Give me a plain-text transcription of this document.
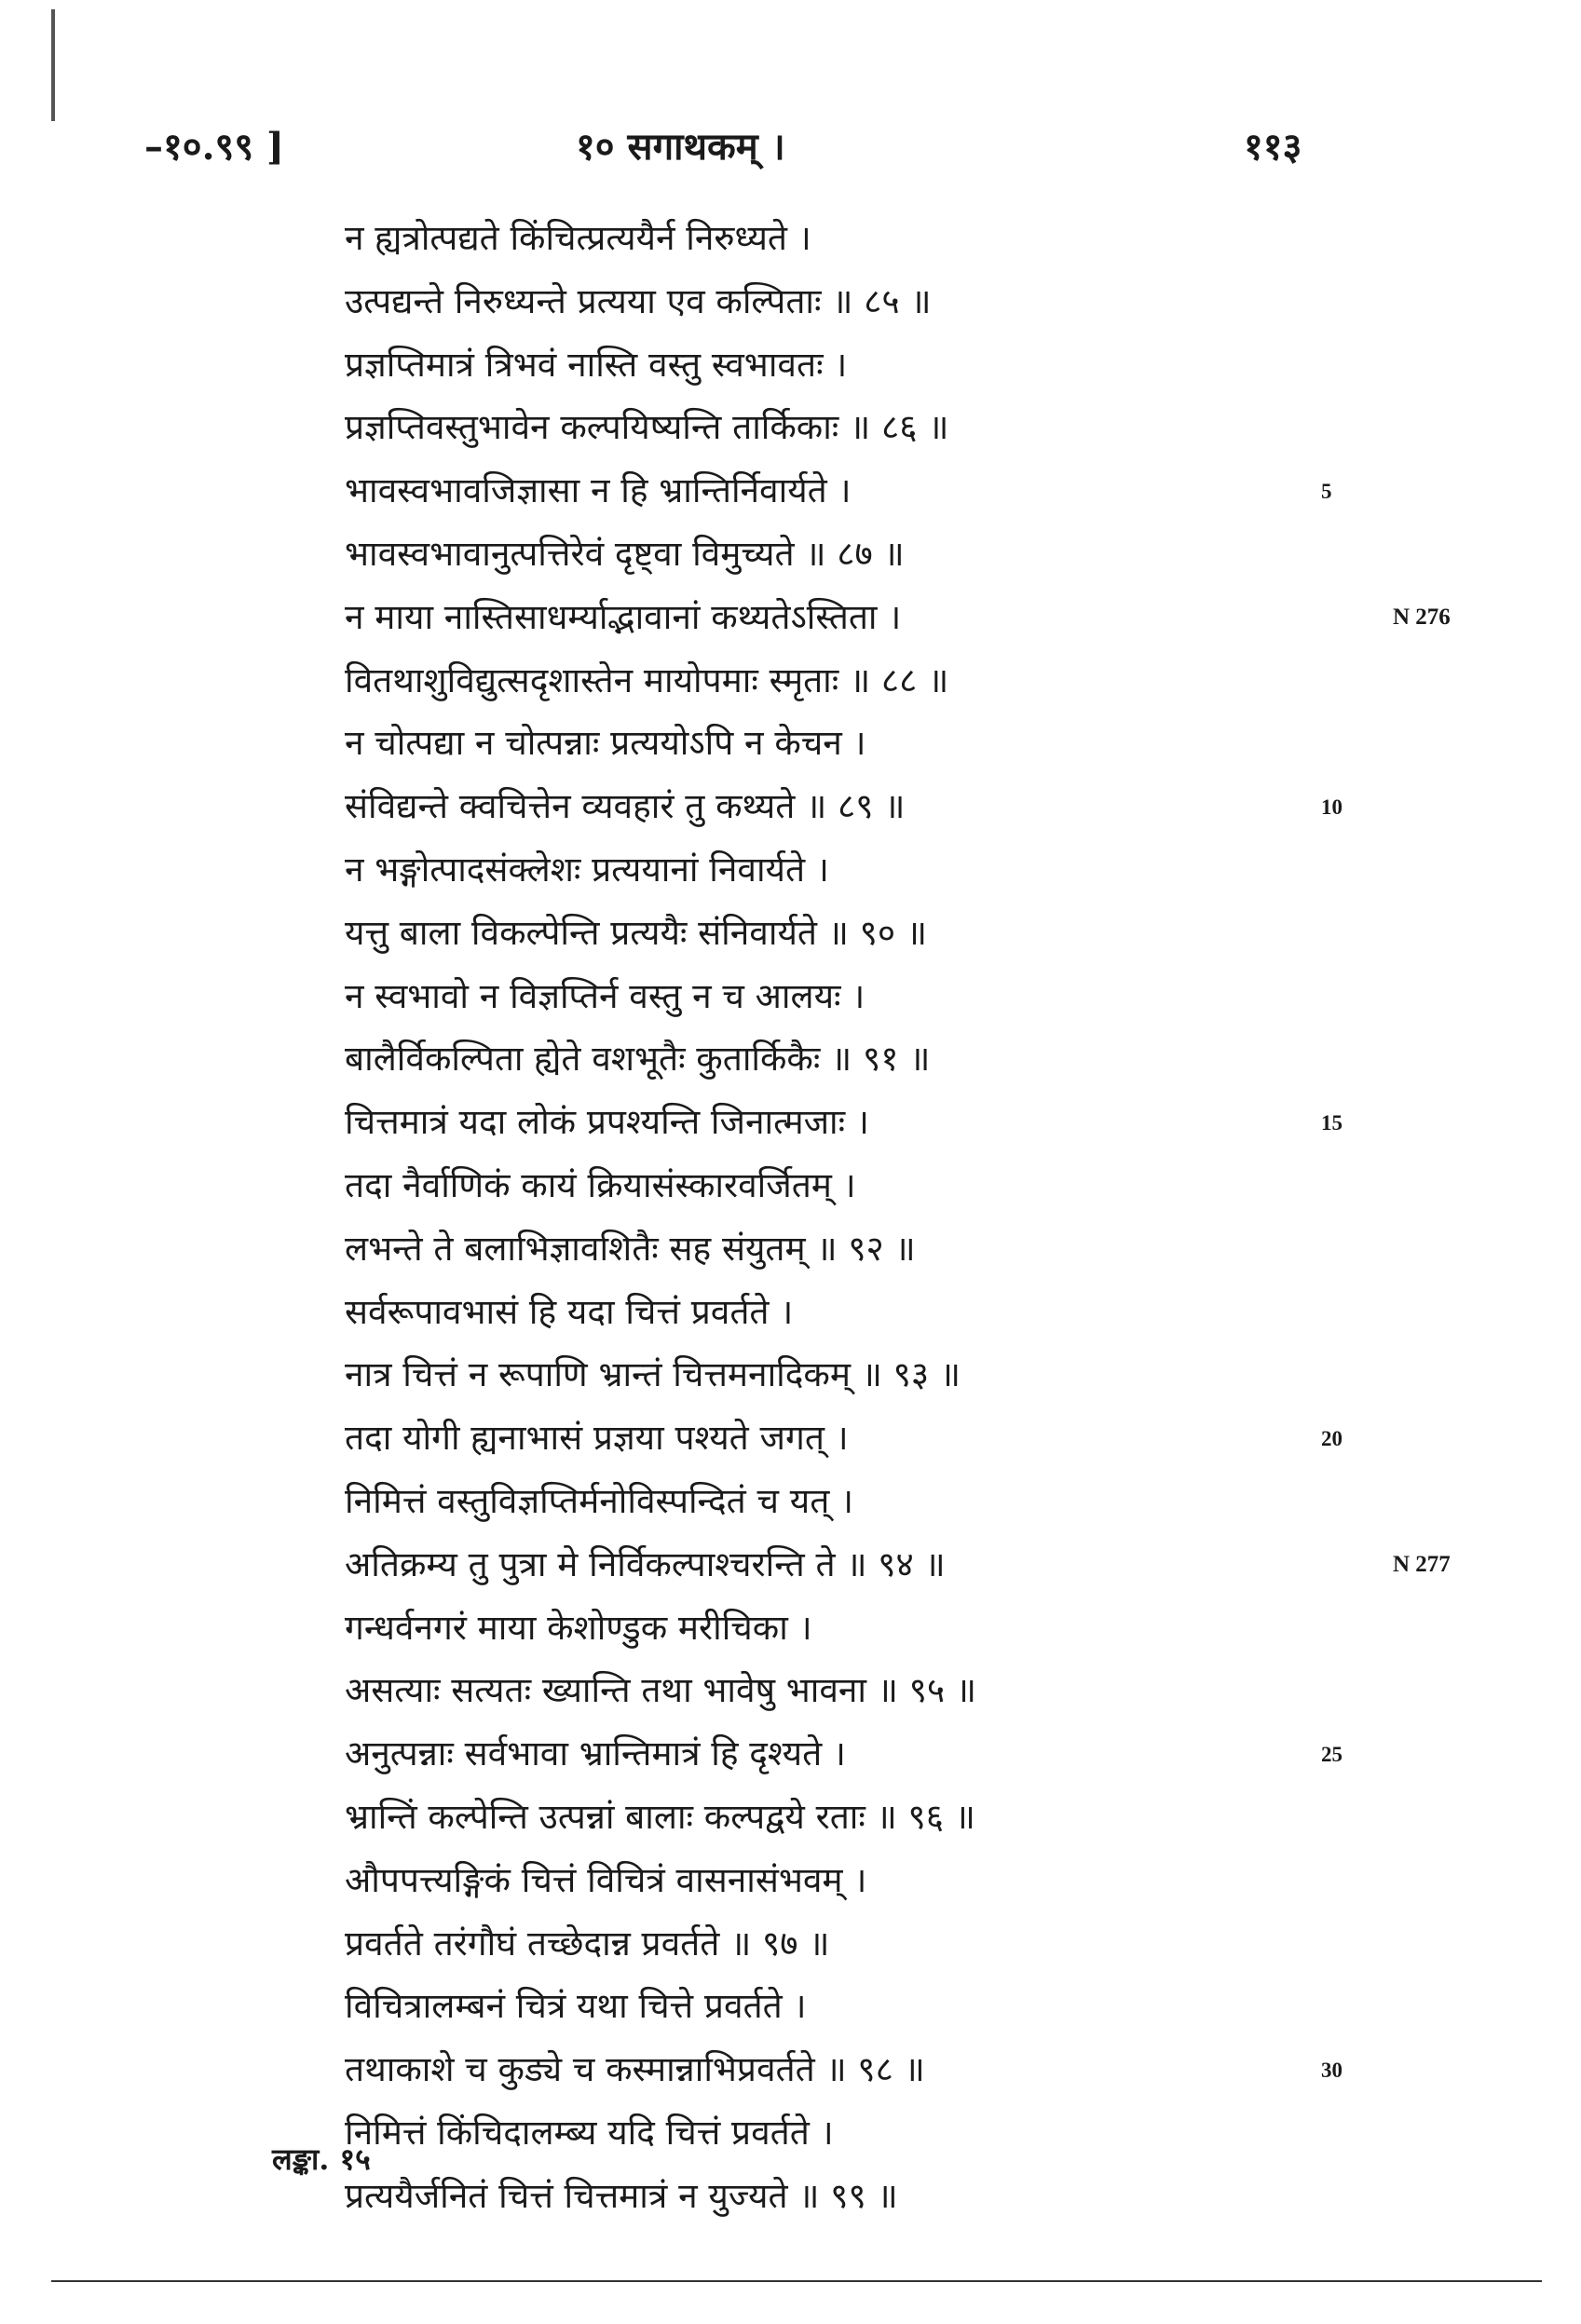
–१०.९९ ]	१० सगाथकम् ।	११३
न ह्यत्रोत्पद्यते किंचित्प्रत्ययैर्न निरुध्यते ।
उत्पद्यन्ते निरुध्यन्ते प्रत्यया एव कल्पिताः ॥ ८५ ॥
प्रज्ञप्तिमात्रं त्रिभवं नास्ति वस्तु स्वभावतः ।
प्रज्ञप्तिवस्तुभावेन कल्पयिष्यन्ति तार्किकाः ॥ ८६ ॥
भावस्वभावजिज्ञासा न हि भ्रान्तिर्निवार्यते ।
भावस्वभावानुत्पत्तिरेवं दृष्ट्वा विमुच्यते ॥ ८७ ॥
न माया नास्तिसाधर्म्याद्भावानां कथ्यतेऽस्तिता ।
वितथाशुविद्युत्सदृशास्तेन मायोपमाः स्मृताः ॥ ८८ ॥
न चोत्पद्या न चोत्पन्नाः प्रत्ययोऽपि न केचन ।
संविद्यन्ते क्वचित्तेन व्यवहारं तु कथ्यते ॥ ८९ ॥
न भङ्गोत्पादसंक्लेशः प्रत्ययानां निवार्यते ।
यत्तु बाला विकल्पेन्ति प्रत्ययैः संनिवार्यते ॥ ९० ॥
न स्वभावो न विज्ञप्तिर्न वस्तु न च आलयः ।
बालैर्विकल्पिता ह्येते वशभूतैः कुतार्किकैः ॥ ९१ ॥
चित्तमात्रं यदा लोकं प्रपश्यन्ति जिनात्मजाः ।
तदा नैर्वाणिकं कायं क्रियासंस्कारवर्जितम् ।
लभन्ते ते बलाभिज्ञावशितैः सह संयुतम् ॥ ९२ ॥
सर्वरूपावभासं हि यदा चित्तं प्रवर्तते ।
नात्र चित्तं न रूपाणि भ्रान्तं चित्तमनादिकम् ॥ ९३ ॥
तदा योगी ह्यनाभासं प्रज्ञया पश्यते जगत् ।
निमित्तं वस्तुविज्ञप्तिर्मनोविस्पन्दितं च यत् ।
अतिक्रम्य तु पुत्रा मे निर्विकल्पाश्चरन्ति ते ॥ ९४ ॥
गन्धर्वनगरं माया केशोण्डुक मरीचिका ।
असत्याः सत्यतः ख्यान्ति तथा भावेषु भावना ॥ ९५ ॥
अनुत्पन्नाः सर्वभावा भ्रान्तिमात्रं हि दृश्यते ।
भ्रान्तिं कल्पेन्ति उत्पन्नां बालाः कल्पद्वये रताः ॥ ९६ ॥
औपपत्त्यङ्गिकं चित्तं विचित्रं वासनासंभवम् ।
प्रवर्तते तरंगौघं तच्छेदान्न प्रवर्तते ॥ ९७ ॥
विचित्रालम्बनं चित्रं यथा चित्ते प्रवर्तते ।
तथाकाशे च कुड्ये च कस्मान्नाभिप्रवर्तते ॥ ९८ ॥
निमित्तं किंचिदालम्ब्य यदि चित्तं प्रवर्तते ।
प्रत्ययैर्जनितं चित्तं चित्तमात्रं न युज्यते ॥ ९९ ॥
5
10
15
20
25
30
N 276
N 277
लङ्का. १५
